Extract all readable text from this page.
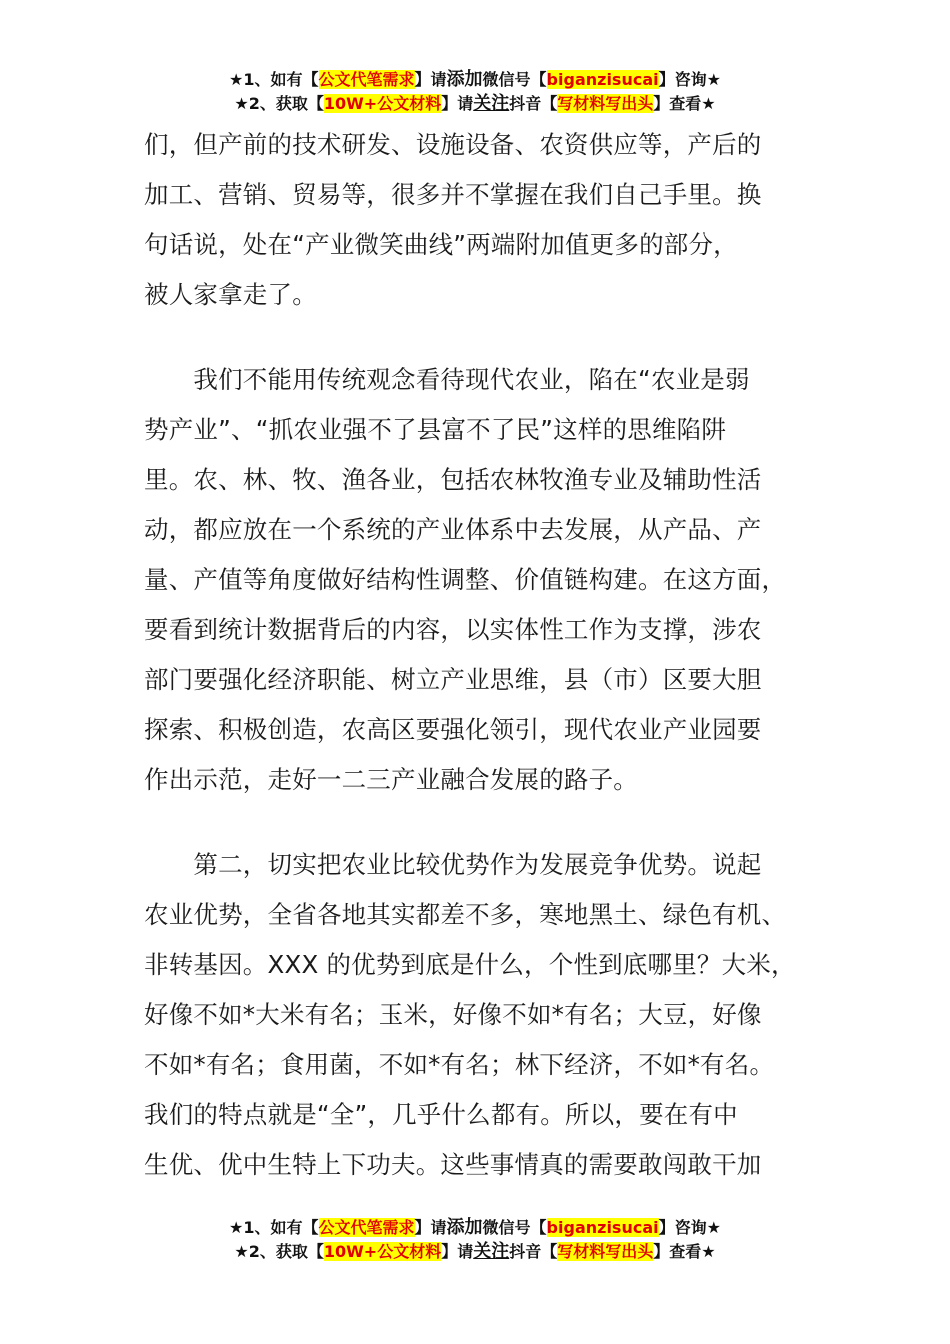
★1、如有【公文代笔需求】请添加微信号【biganzisucai】咨询★
★2、获取【10W+公文材料】请关注抖音【写材料写出头】查看★
们，但产前的技术研发、设施设备、农资供应等，产后的
加工、营销、贸易等，很多并不掌握在我们自己手里。换
句话说，处在“产业微笑曲线”两端附加值更多的部分，
被人家拿走了。
　　我们不能用传统观念看待现代农业，陷在“农业是弱
势产业”、“抓农业强不了县富不了民”这样的思维陷阱
里。农、林、牧、渔各业，包括农林牧渔专业及辅助性活
动，都应放在一个系统的产业体系中去发展，从产品、产
量、产值等角度做好结构性调整、价值链构建。在这方面，
要看到统计数据背后的内容，以实体性工作为支撑，涉农
部门要强化经济职能、树立产业思维，县（市）区要大胆
探索、积极创造，农高区要强化领引，现代农业产业园要
作出示范，走好一二三产业融合发展的路子。
　　第二，切实把农业比较优势作为发展竞争优势。说起
农业优势，全省各地其实都差不多，寒地黑土、绿色有机、
非转基因。XXX 的优势到底是什么，个性到底哪里？大米，
好像不如*大米有名；玉米，好像不如*有名；大豆，好像
不如*有名；食用菌，不如*有名；林下经济，不如*有名。
我们的特点就是“全”，几乎什么都有。所以，要在有中
生优、优中生特上下功夫。这些事情真的需要敢闯敢干加
★1、如有【公文代笔需求】请添加微信号【biganzisucai】咨询★
★2、获取【10W+公文材料】请关注抖音【写材料写出头】查看★
